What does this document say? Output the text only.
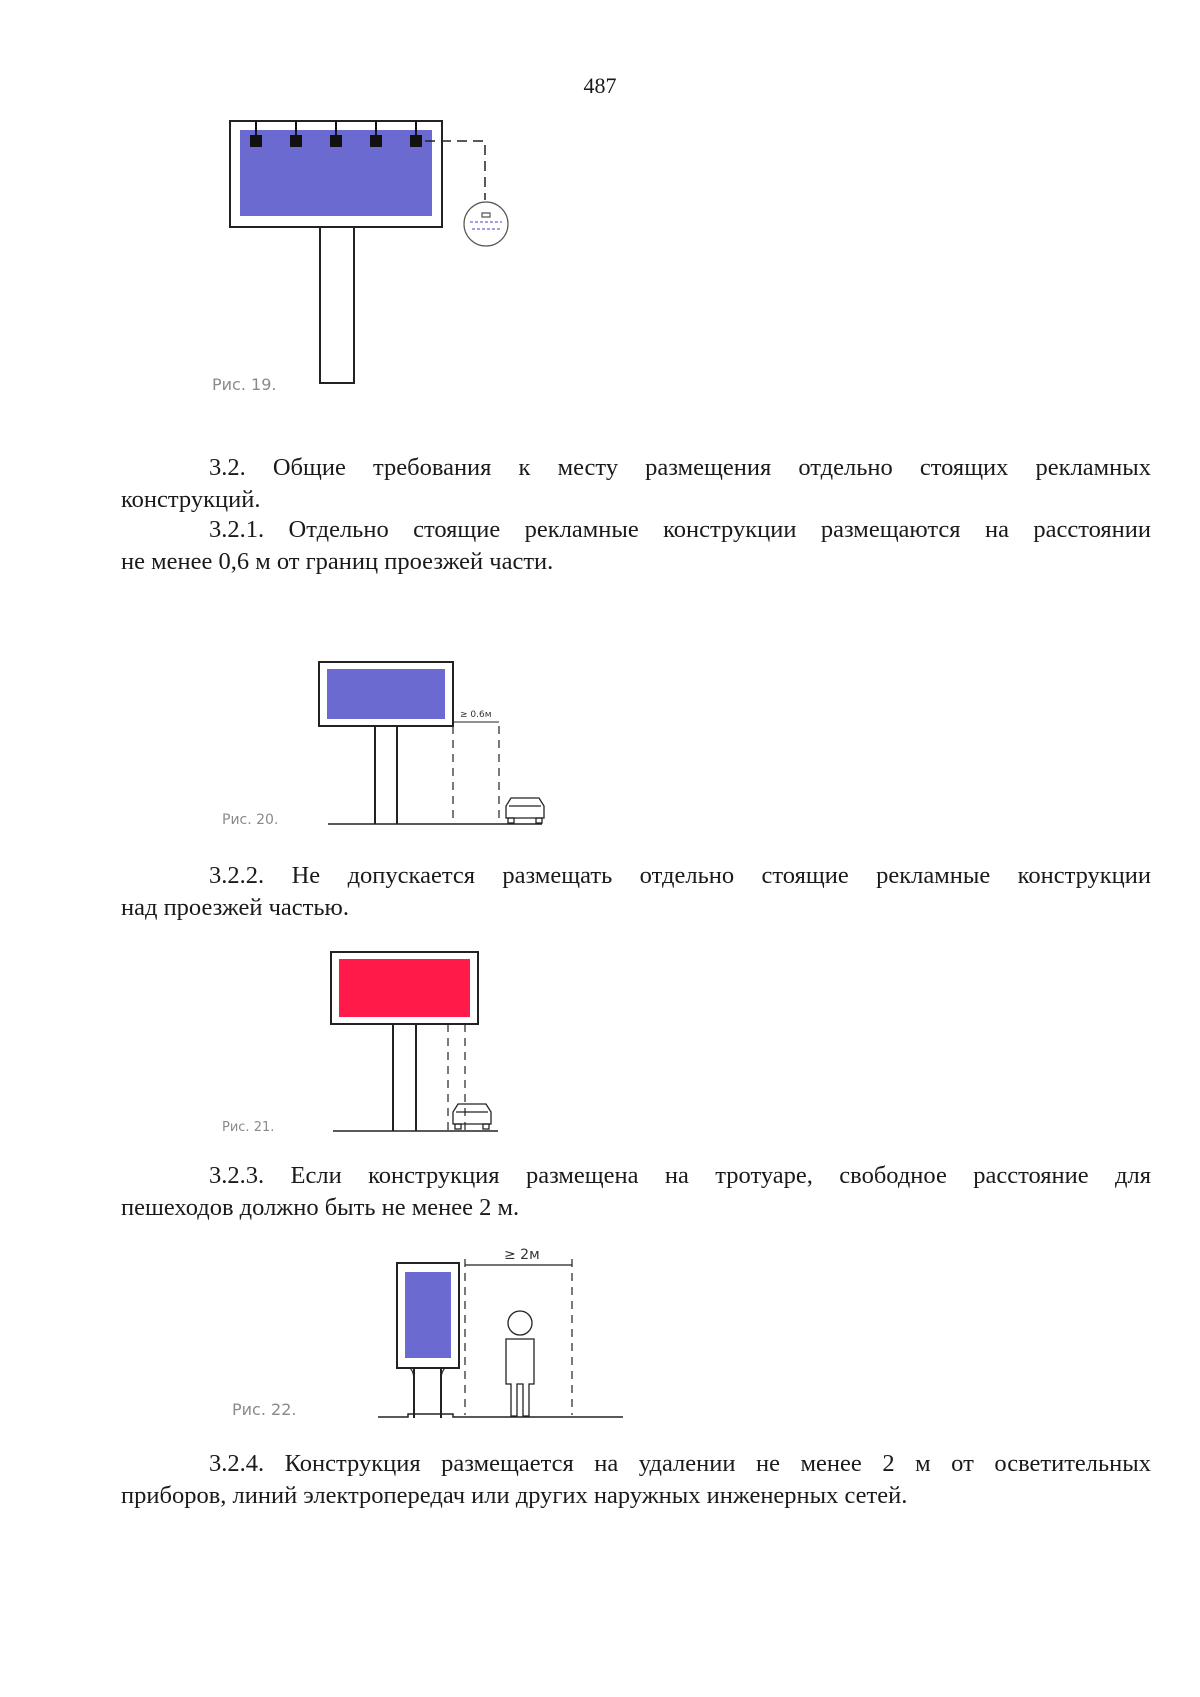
487
Рис. 19.
3.2. Общие требования к месту размещения отдельно стоящих рекламных
конструкций.
3.2.1. Отдельно стоящие рекламные конструкции размещаются на расстоянии
не менее 0,6 м от границ проезжей части.
≥ 0.6м
Рис. 20.
3.2.2. Не допускается размещать отдельно стоящие рекламные конструкции
над проезжей частью.
Рис. 21.
3.2.3. Если конструкция размещена на тротуаре, свободное расстояние для
пешеходов должно быть не менее 2 м.
≥ 2м
Рис. 22.
3.2.4. Конструкция размещается на удалении не менее 2 м от осветительных
приборов, линий электропередач или других наружных инженерных сетей.
